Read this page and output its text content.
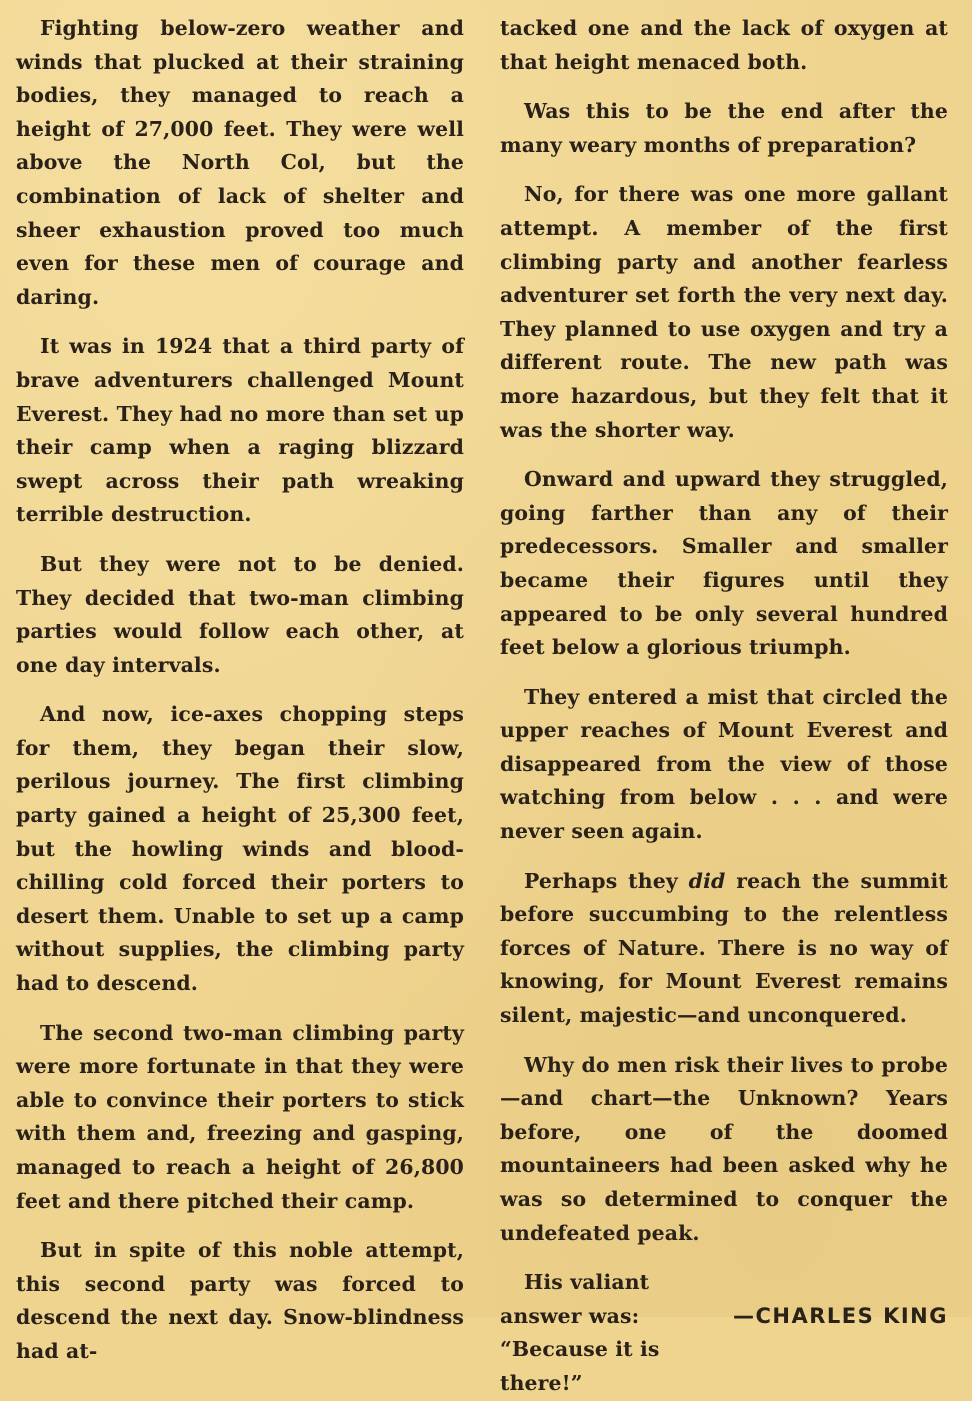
Fighting below-zero weather and winds that plucked at their straining bodies, they managed to reach a height of 27,000 feet. They were well above the North Col, but the combination of lack of shelter and sheer exhaustion proved too much even for these men of courage and daring.

It was in 1924 that a third party of brave adventurers challenged Mount Everest. They had no more than set up their camp when a raging blizzard swept across their path wreaking terrible destruction.

But they were not to be denied. They decided that two-man climbing parties would follow each other, at one day intervals.

And now, ice-axes chopping steps for them, they began their slow, perilous journey. The first climbing party gained a height of 25,300 feet, but the howling winds and blood-chilling cold forced their porters to desert them. Unable to set up a camp without supplies, the climbing party had to descend.

The second two-man climbing party were more fortunate in that they were able to convince their porters to stick with them and, freezing and gasping, managed to reach a height of 26,800 feet and there pitched their camp.

But in spite of this noble attempt, this second party was forced to descend the next day. Snow-blindness had at-

tacked one and the lack of oxygen at that height menaced both.

Was this to be the end after the many weary months of preparation?

No, for there was one more gallant attempt. A member of the first climbing party and another fearless adventurer set forth the very next day. They planned to use oxygen and try a different route. The new path was more hazardous, but they felt that it was the shorter way.

Onward and upward they struggled, going farther than any of their predecessors. Smaller and smaller became their figures until they appeared to be only several hundred feet below a glorious triumph.

They entered a mist that circled the upper reaches of Mount Everest and disappeared from the view of those watching from below . . . and were never seen again.

Perhaps they did reach the summit before succumbing to the relentless forces of Nature. There is no way of knowing, for Mount Everest remains silent, majestic—and unconquered.

Why do men risk their lives to probe —and chart—the Unknown? Years before, one of the doomed mountaineers had been asked why he was so determined to conquer the undefeated peak.

—CHARLES KING
His valiant answer was: “Because it is there!”
